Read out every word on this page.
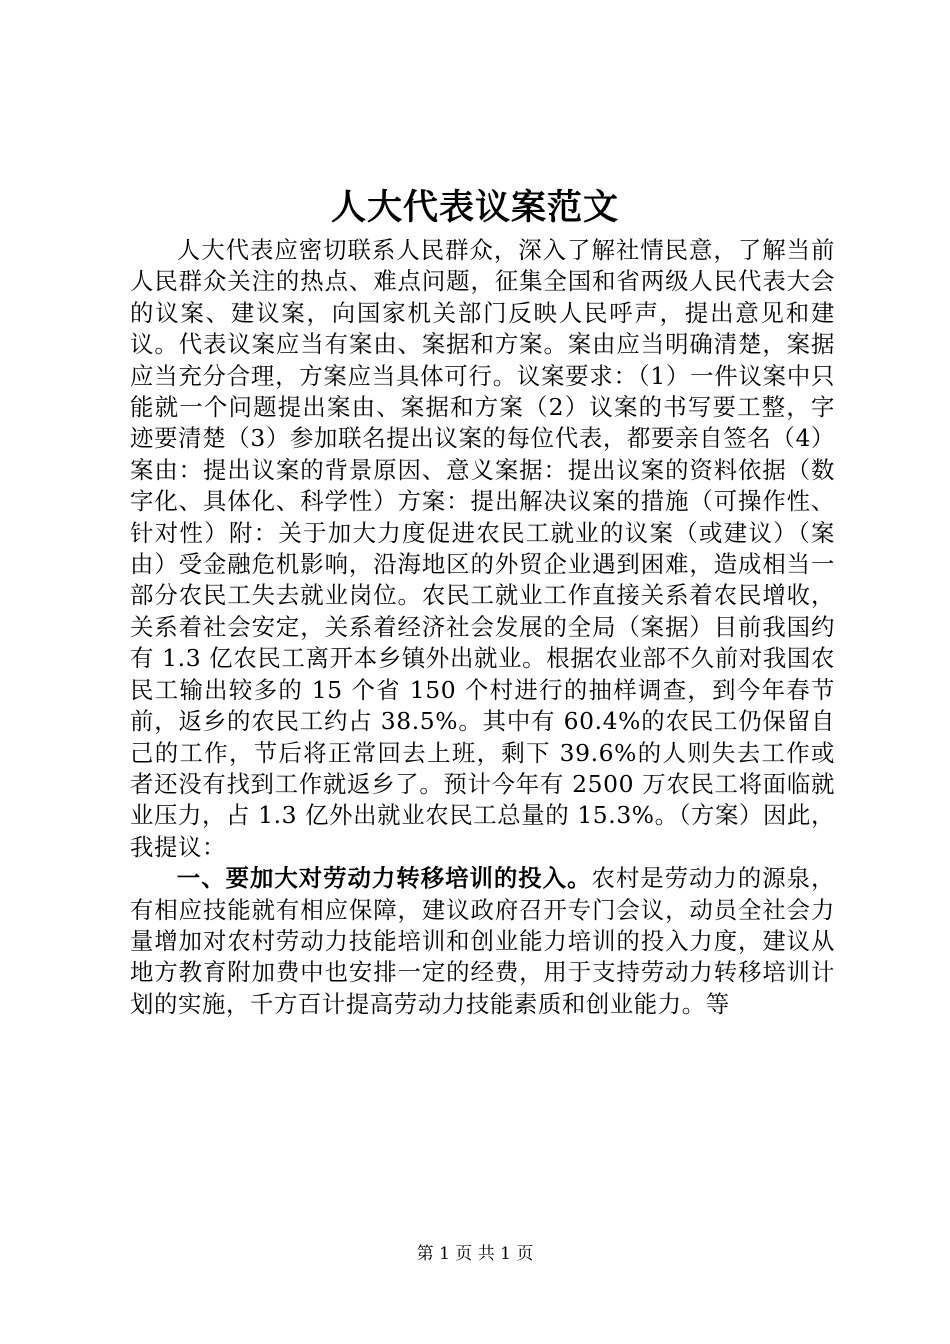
人大代表议案范文

人大代表应密切联系人民群众，深入了解社情民意，了解当前人民群众关注的热点、难点问题，征集全国和省两级人民代表大会的议案、建议案，向国家机关部门反映人民呼声，提出意见和建议。代表议案应当有案由、案据和方案。案由应当明确清楚，案据应当充分合理，方案应当具体可行。议案要求：（1）一件议案中只能就一个问题提出案由、案据和方案（2）议案的书写要工整，字迹要清楚（3）参加联名提出议案的每位代表，都要亲自签名（4）案由：提出议案的背景原因、意义案据：提出议案的资料依据（数字化、具体化、科学性）方案：提出解决议案的措施（可操作性、针对性）附：关于加大力度促进农民工就业的议案（或建议）（案由）受金融危机影响，沿海地区的外贸企业遇到困难，造成相当一部分农民工失去就业岗位。农民工就业工作直接关系着农民增收，关系着社会安定，关系着经济社会发展的全局（案据）目前我国约有 1.3 亿农民工离开本乡镇外出就业。根据农业部不久前对我国农民工输出较多的 15 个省 150 个村进行的抽样调查，到今年春节前，返乡的农民工约占 38.5%。其中有 60.4%的农民工仍保留自己的工作，节后将正常回去上班，剩下 39.6%的人则失去工作或者还没有找到工作就返乡了。预计今年有 2500 万农民工将面临就业压力，占 1.3 亿外出就业农民工总量的 15.3%。（方案）因此，我提议：

一、要加大对劳动力转移培训的投入。农村是劳动力的源泉，有相应技能就有相应保障，建议政府召开专门会议，动员全社会力量增加对农村劳动力技能培训和创业能力培训的投入力度，建议从地方教育附加费中也安排一定的经费，用于支持劳动力转移培训计划的实施，千方百计提高劳动力技能素质和创业能力。等

第 1 页 共 1 页
